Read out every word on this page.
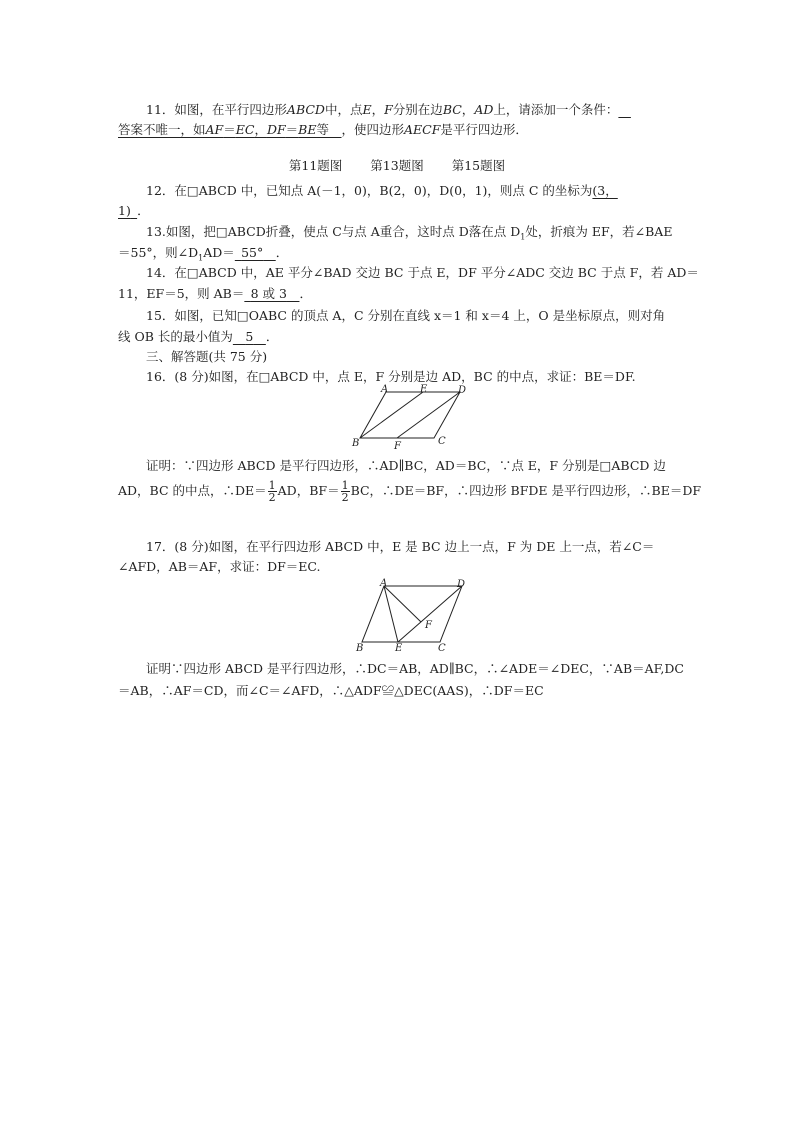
11．如图，在平行四边形ABCD中，点E，F分别在边BC，AD上，请添加一个条件： 
答案不唯一，如AF＝EC，DF＝BE等  ，使四边形AECF是平行四边形．
第11题图 第13题图 第15题图
12．在□ABCD 中，已知点 A(－1，0)，B(2，0)，D(0，1)，则点 C 的坐标为(3，
1)  ．
13.如图，把□ABCD折叠，使点 C与点 A重合，这时点 D落在点 $D_1$处，折痕为 EF，若∠BAE
＝55°，则$\angle D_1AD=$  55°   ．
14．在□ABCD 中，AE 平分∠BAD 交边 BC 于点 E，DF 平分∠ADC 交边 BC 于点 F，若 AD＝
11，EF＝5，则 AB＝  8 或 3   ．
15．如图，已知□OABC 的顶点 A，C 分别在直线 x＝1 和 x＝4 上，O 是坐标原点，则对角
线 OB 长的最小值为   5   ．
三、解答题(共 75 分)
16．(8 分)如图，在□ABCD 中，点 E，F 分别是边 AD，BC 的中点，求证：BE＝DF.
A	E	D
B	F	C
证明：∵四边形 ABCD 是平行四边形，∴AD∥BC，AD＝BC，∵点 E，F 分别是□ABCD 边
AD，BC 的中点，∴DE＝ $\frac{1}{2}$ AD，$BF= \frac{1}{2}$ BC，∴DE＝BF，∴四边形 BFDE 是平行四边形，∴BE＝DF
17．(8 分)如图，在平行四边形 ABCD 中，E 是 BC 边上一点，F 为 DE 上一点，若∠C＝
∠AFD，AB＝AF，求证：DF＝EC.
A	D
F
B	E	C
证明∵四边形 ABCD 是平行四边形，∴DC＝AB，AD∥BC，∴∠ADE＝∠DEC，∵AB＝AF,DC
＝AB，∴AF＝CD，而∠C＝∠AFD，∴△ADF≌△DEC(AAS)，∴DF＝EC
